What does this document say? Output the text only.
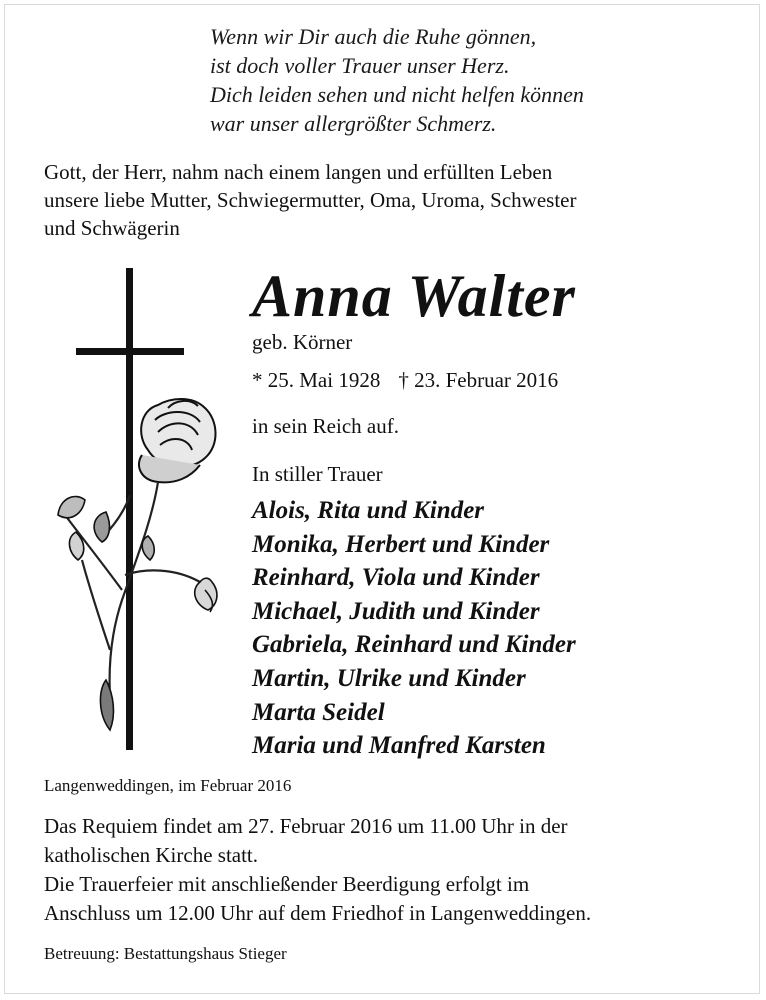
Wenn wir Dir auch die Ruhe gönnen,
ist doch voller Trauer unser Herz.
Dich leiden sehen und nicht helfen können
war unser allergrößter Schmerz.
Gott, der Herr, nahm nach einem langen und erfüllten Leben
unsere liebe Mutter, Schwiegermutter, Oma, Uroma, Schwester
und Schwägerin
Anna Walter
geb. Körner
* 25. Mai 1928 † 23. Februar 2016
in sein Reich auf.
In stiller Trauer
Alois, Rita und Kinder
Monika, Herbert und Kinder
Reinhard, Viola und Kinder
Michael, Judith und Kinder
Gabriela, Reinhard und Kinder
Martin, Ulrike und Kinder
Marta Seidel
Maria und Manfred Karsten
Langenweddingen, im Februar 2016
Das Requiem findet am 27. Februar 2016 um 11.00 Uhr in der
katholischen Kirche statt.
Die Trauerfeier mit anschließender Beerdigung erfolgt im
Anschluss um 12.00 Uhr auf dem Friedhof in Langenweddingen.
Betreuung: Bestattungshaus Stieger
